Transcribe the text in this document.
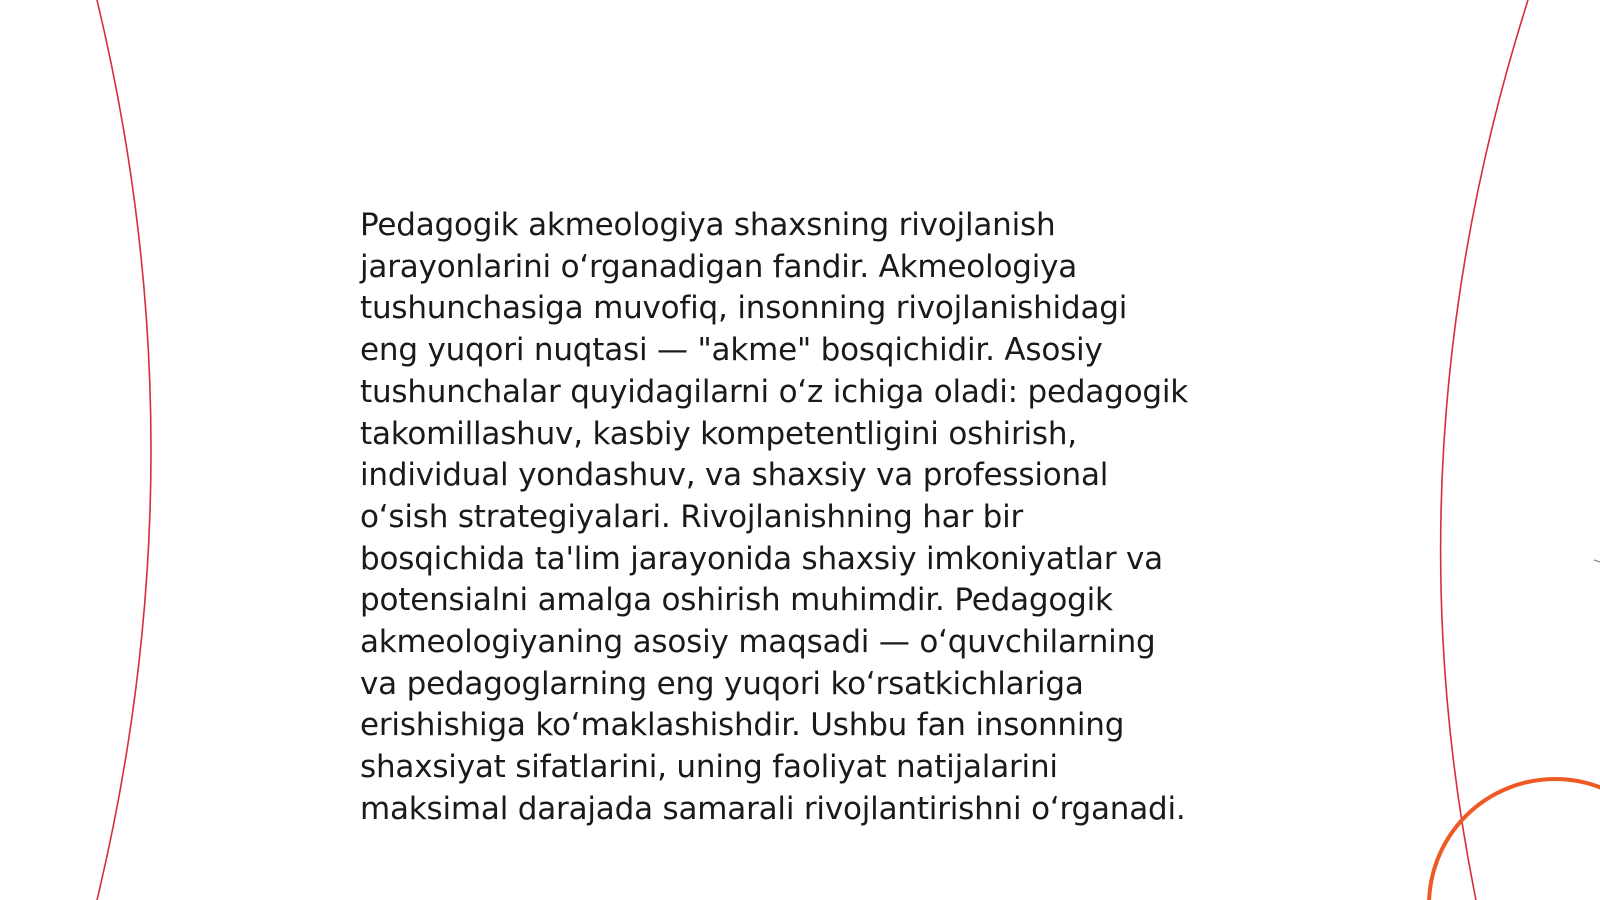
Pedagogik akmeologiya shaxsning rivojlanish
jarayonlarini o‘rganadigan fandir. Akmeologiya
tushunchasiga muvofiq, insonning rivojlanishidagi
eng yuqori nuqtasi — "akme" bosqichidir. Asosiy
tushunchalar quyidagilarni o‘z ichiga oladi: pedagogik
takomillashuv, kasbiy kompetentligini oshirish,
individual yondashuv, va shaxsiy va professional
o‘sish strategiyalari. Rivojlanishning har bir
bosqichida ta'lim jarayonida shaxsiy imkoniyatlar va
potensialni amalga oshirish muhimdir. Pedagogik
akmeologiyaning asosiy maqsadi — o‘quvchilarning
va pedagoglarning eng yuqori ko‘rsatkichlariga
erishishiga ko‘maklashishdir. Ushbu fan insonning
shaxsiyat sifatlarini, uning faoliyat natijalarini
maksimal darajada samarali rivojlantirishni o‘rganadi.
